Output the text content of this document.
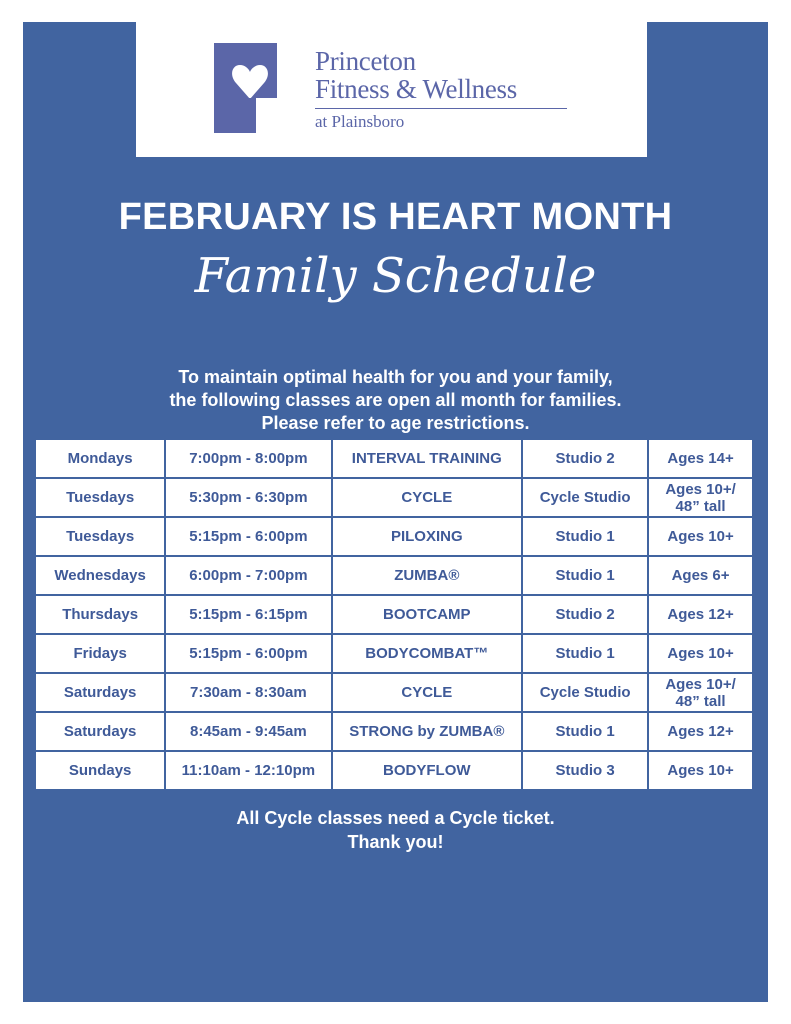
Princeton
Fitness & Wellness
at Plainsboro
FEBRUARY IS HEART MONTH
Family Schedule
To maintain optimal health for you and your family,
the following classes are open all month for families.
Please refer to age restrictions.
Mondays	7:00pm - 8:00pm	INTERVAL TRAINING	Studio 2	Ages 14+
Tuesdays	5:30pm - 6:30pm	CYCLE	Cycle Studio	Ages 10+/ 48” tall
Tuesdays	5:15pm - 6:00pm	PILOXING	Studio 1	Ages 10+
Wednesdays	6:00pm - 7:00pm	ZUMBA®	Studio 1	Ages 6+
Thursdays	5:15pm - 6:15pm	BOOTCAMP	Studio 2	Ages 12+
Fridays	5:15pm - 6:00pm	BODYCOMBAT™	Studio 1	Ages 10+
Saturdays	7:30am - 8:30am	CYCLE	Cycle Studio	Ages 10+/ 48” tall
Saturdays	8:45am - 9:45am	STRONG by ZUMBA®	Studio 1	Ages 12+
Sundays	11:10am - 12:10pm	BODYFLOW	Studio 3	Ages 10+
All Cycle classes need a Cycle ticket.
Thank you!
